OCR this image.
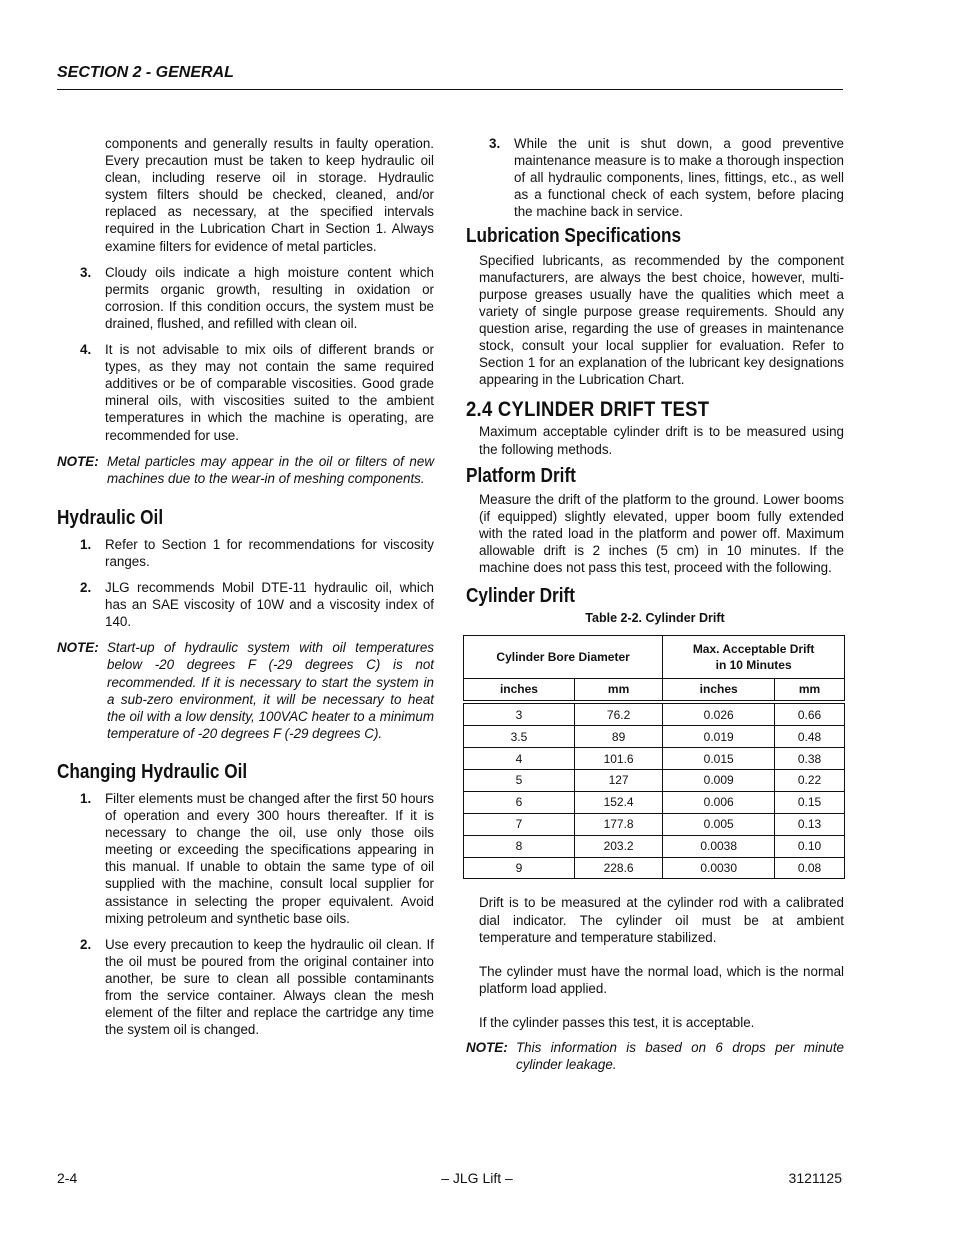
SECTION 2 - GENERAL

components and generally results in faulty operation. Every precaution must be taken to keep hydraulic oil clean, including reserve oil in storage. Hydraulic system filters should be checked, cleaned, and/or replaced as necessary, at the specified intervals required in the Lubrication Chart in Section 1. Always examine filters for evidence of metal particles.

3. Cloudy oils indicate a high moisture content which permits organic growth, resulting in oxidation or corrosion. If this condition occurs, the system must be drained, flushed, and refilled with clean oil.
4. It is not advisable to mix oils of different brands or types, as they may not contain the same required additives or be of comparable viscosities. Good grade mineral oils, with viscosities suited to the ambient temperatures in which the machine is operating, are recommended for use.
NOTE: Metal particles may appear in the oil or filters of new machines due to the wear-in of meshing components.
Hydraulic Oil
1. Refer to Section 1 for recommendations for viscosity ranges.
2. JLG recommends Mobil DTE-11 hydraulic oil, which has an SAE viscosity of 10W and a viscosity index of 140.
NOTE: Start-up of hydraulic system with oil temperatures below -20 degrees F (-29 degrees C) is not recommended. If it is necessary to start the system in a sub-zero environment, it will be necessary to heat the oil with a low density, 100VAC heater to a minimum temperature of -20 degrees F (-29 degrees C).
Changing Hydraulic Oil
1. Filter elements must be changed after the first 50 hours of operation and every 300 hours thereafter. If it is necessary to change the oil, use only those oils meeting or exceeding the specifications appearing in this manual. If unable to obtain the same type of oil supplied with the machine, consult local supplier for assistance in selecting the proper equivalent. Avoid mixing petroleum and synthetic base oils.
2. Use every precaution to keep the hydraulic oil clean. If the oil must be poured from the original container into another, be sure to clean all possible contaminants from the service container. Always clean the mesh element of the filter and replace the cartridge any time the system oil is changed.
3. While the unit is shut down, a good preventive maintenance measure is to make a thorough inspection of all hydraulic components, lines, fittings, etc., as well as a functional check of each system, before placing the machine back in service.
Lubrication Specifications

Specified lubricants, as recommended by the component manufacturers, are always the best choice, however, multi-purpose greases usually have the qualities which meet a variety of single purpose grease requirements. Should any question arise, regarding the use of greases in maintenance stock, consult your local supplier for evaluation. Refer to Section 1 for an explanation of the lubricant key designations appearing in the Lubrication Chart.

2.4 CYLINDER DRIFT TEST

Maximum acceptable cylinder drift is to be measured using the following methods.

Platform Drift

Measure the drift of the platform to the ground. Lower booms (if equipped) slightly elevated, upper boom fully extended with the rated load in the platform and power off. Maximum allowable drift is 2 inches (5 cm) in 10 minutes. If the machine does not pass this test, proceed with the following.

Cylinder Drift
Table 2-2. Cylinder Drift
Cylinder Bore Diameter		Max. Acceptable Drift
in 10 Minutes	
inches	mm	inches	mm

3	76.2	0.026	0.66
3.5	89	0.019	0.48
4	101.6	0.015	0.38
5	127	0.009	0.22
6	152.4	0.006	0.15
7	177.8	0.005	0.13
8	203.2	0.0038	0.10
9	228.6	0.0030	0.08

Drift is to be measured at the cylinder rod with a calibrated dial indicator. The cylinder oil must be at ambient temperature and temperature stabilized.

The cylinder must have the normal load, which is the normal platform load applied.

If the cylinder passes this test, it is acceptable.

NOTE: This information is based on 6 drops per minute cylinder leakage.
2-4	– JLG Lift –	3121125
